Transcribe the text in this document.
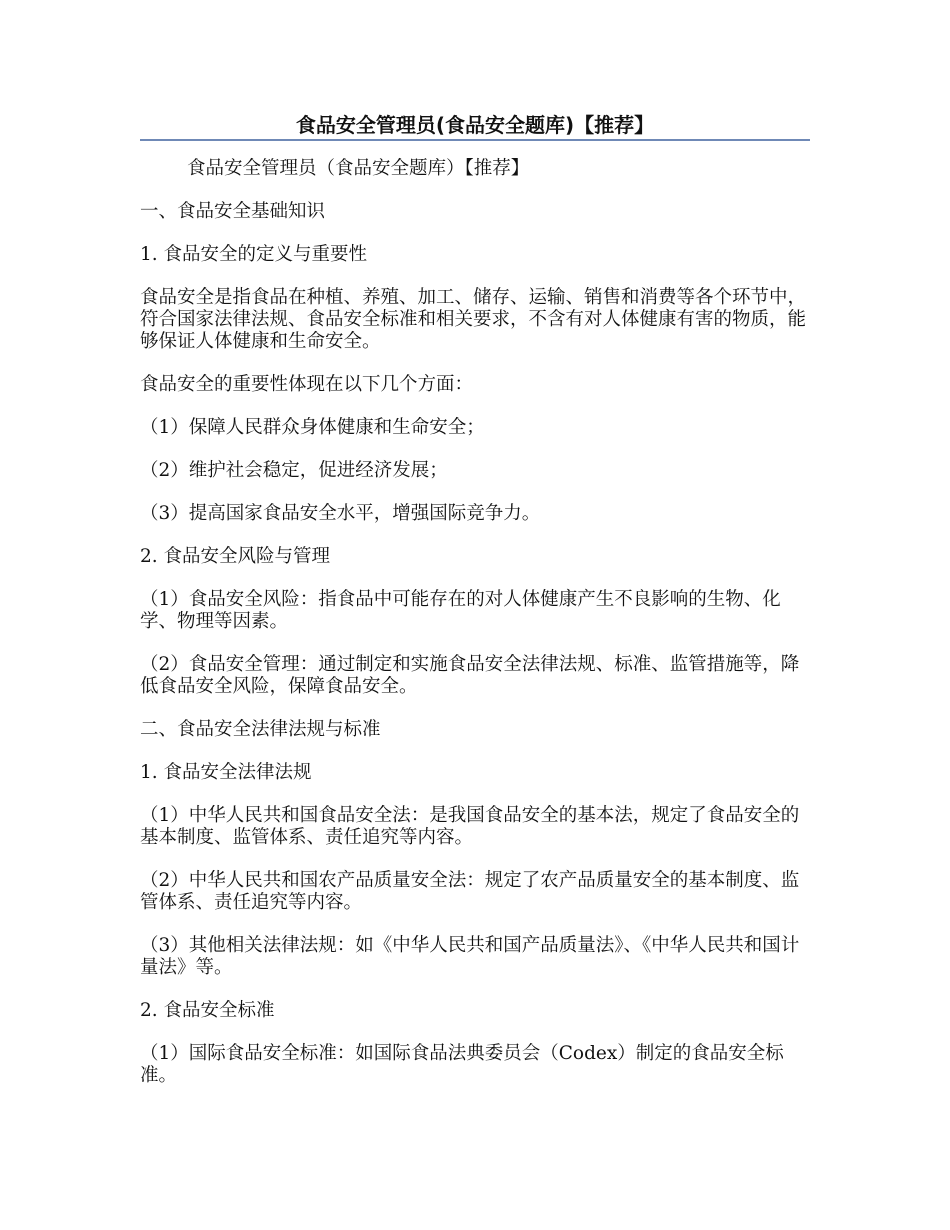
食品安全管理员(食品安全题库)【推荐】

食品安全管理员（食品安全题库）【推荐】

一、食品安全基础知识

1. 食品安全的定义与重要性

食品安全是指食品在种植、养殖、加工、储存、运输、销售和消费等各个环节中，符合国家法律法规、食品安全标准和相关要求，不含有对人体健康有害的物质，能够保证人体健康和生命安全。

食品安全的重要性体现在以下几个方面：

（1）保障人民群众身体健康和生命安全；

（2）维护社会稳定，促进经济发展；

（3）提高国家食品安全水平，增强国际竞争力。

2. 食品安全风险与管理

（1）食品安全风险：指食品中可能存在的对人体健康产生不良影响的生物、化学、物理等因素。

（2）食品安全管理：通过制定和实施食品安全法律法规、标准、监管措施等，降低食品安全风险，保障食品安全。

二、食品安全法律法规与标准

1. 食品安全法律法规

（1）中华人民共和国食品安全法：是我国食品安全的基本法，规定了食品安全的基本制度、监管体系、责任追究等内容。

（2）中华人民共和国农产品质量安全法：规定了农产品质量安全的基本制度、监管体系、责任追究等内容。

（3）其他相关法律法规：如《中华人民共和国产品质量法》、《中华人民共和国计量法》等。

2. 食品安全标准

（1）国际食品安全标准：如国际食品法典委员会（Codex）制定的食品安全标准。
